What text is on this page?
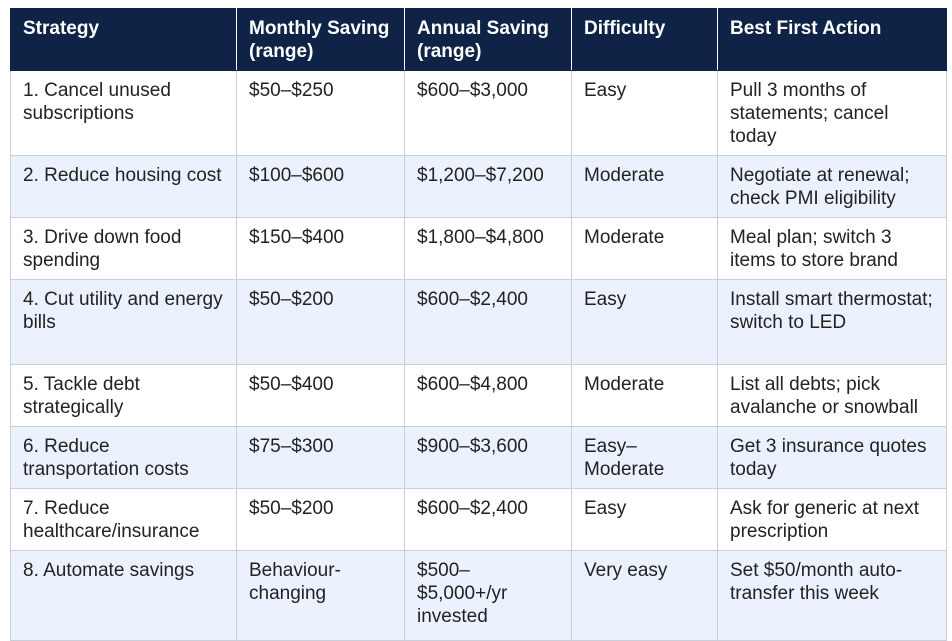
Strategy	Monthly Saving (range)	Annual Saving (range)	Difficulty	Best First Action
1. Cancel unused subscriptions	$50–$250	$600–$3,000	Easy	Pull 3 months of statements; cancel today
2. Reduce housing cost	$100–$600	$1,200–$7,200	Moderate	Negotiate at renewal; check PMI eligibility
3. Drive down food spending	$150–$400	$1,800–$4,800	Moderate	Meal plan; switch 3 items to store brand
4. Cut utility and energy bills	$50–$200	$600–$2,400	Easy	Install smart thermostat; switch to LED
5. Tackle debt strategically	$50–$400	$600–$4,800	Moderate	List all debts; pick avalanche or snowball
6. Reduce transportation costs	$75–$300	$900–$3,600	Easy–Moderate	Get 3 insurance quotes today
7. Reduce healthcare/insurance	$50–$200	$600–$2,400	Easy	Ask for generic at next prescription
8. Automate savings	Behaviour-changing	$500–$5,000+/yr invested	Very easy	Set $50/month auto-transfer this week
